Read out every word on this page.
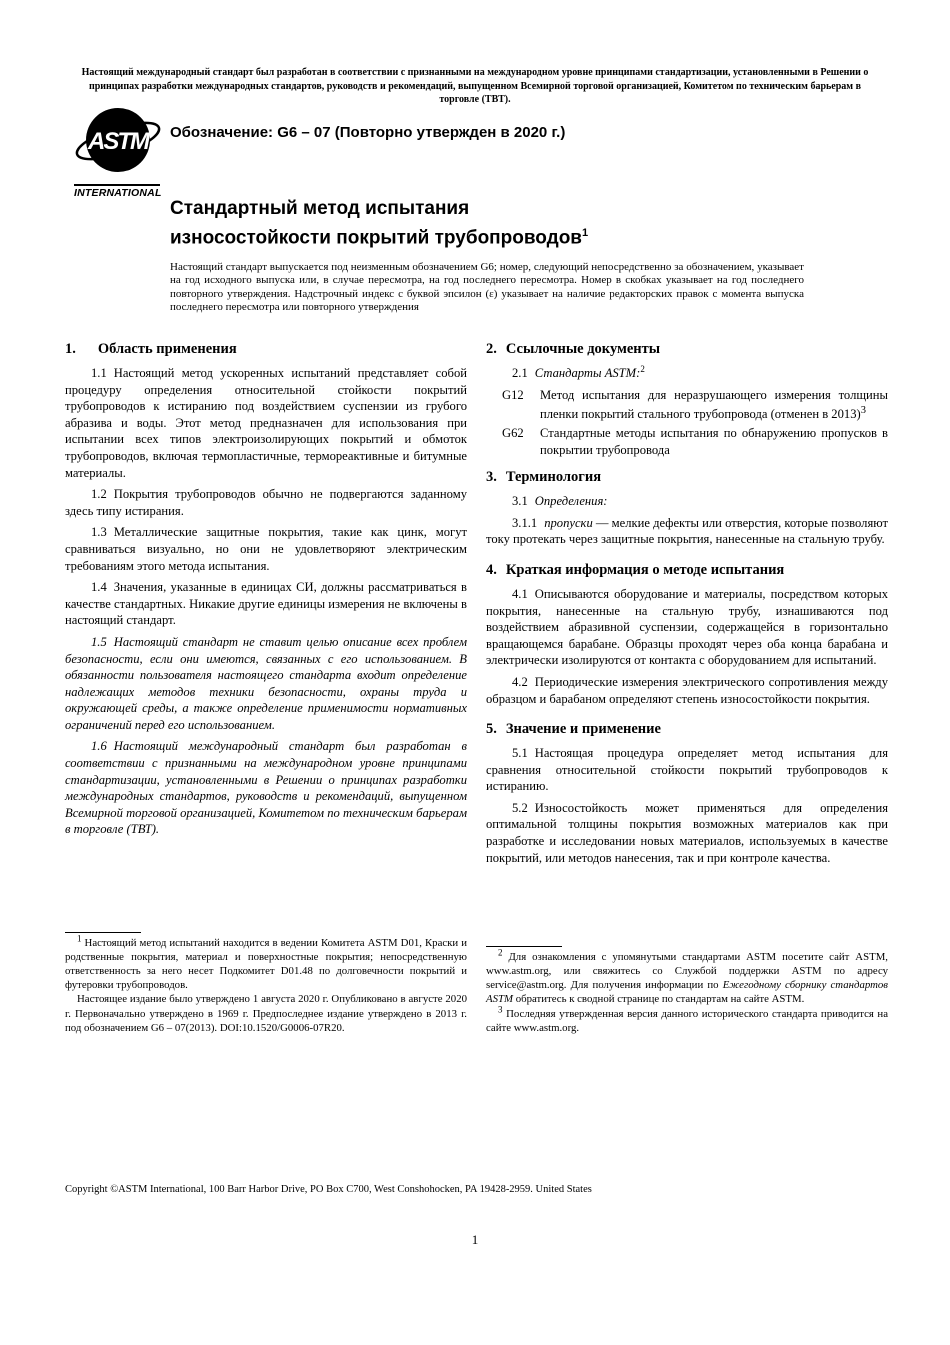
Настоящий международный стандарт был разработан в соответствии с признанными на международном уровне принципами стандартизации, установленными в Решении о принципах разработки международных стандартов, руководств и рекомендаций, выпущенном Всемирной торговой организацией, Комитетом по техническим барьерам в торговле (ТВТ).
ASTM
INTERNATIONAL
Обозначение: G6 – 07 (Повторно утвержден в 2020 г.)
Стандартный метод испытания
износостойкости покрытий трубопроводов$^1$
Настоящий стандарт выпускается под неизменным обозначением G6; номер, следующий непосредственно за обозначением, указывает на год исходного выпуска или, в случае пересмотра, на год последнего пересмотра. Номер в скобках указывает на год последнего повторного утверждения. Надстрочный индекс с буквой эпсилон (ε) указывает на наличие редакторских правок с момента выпуска последнего пересмотра или повторного утверждения
1. Область применения

1.1 Настоящий метод ускоренных испытаний представляет собой процедуру определения относительной стойкости покрытий трубопроводов к истиранию под воздействием суспензии из грубого абразива и воды. Этот метод предназначен для использования при испытании всех типов электроизолирующих покрытий и обмоток трубопроводов, включая термопластичные, термореактивные и битумные материалы.

1.2 Покрытия трубопроводов обычно не подвергаются заданному здесь типу истирания.

1.3 Металлические защитные покрытия, такие как цинк, могут сравниваться визуально, но они не удовлетворяют электрическим требованиям этого метода испытания.

1.4 Значения, указанные в единицах СИ, должны рассматриваться в качестве стандартных. Никакие другие единицы измерения не включены в настоящий стандарт.

1.5 Настоящий стандарт не ставит целью описание всех проблем безопасности, если они имеются, связанных с его использованием. В обязанности пользователя настоящего стандарта входит определение надлежащих методов техники безопасности, охраны труда и окружающей среды, а также определение применимости нормативных ограничений перед его использованием.

1.6 Настоящий международный стандарт был разработан в соответствии с признанными на международном уровне принципами стандартизации, установленными в Решении о принципах разработки международных стандартов, руководств и рекомендаций, выпущенном Всемирной торговой организацией, Комитетом по техническим барьерам в торговле (ТВТ).

$^1$ Настоящий метод испытаний находится в ведении Комитета ASTM D01, Краски и родственные покрытия, материал и поверхностные покрытия; непосредственную ответственность за него несет Подкомитет D01.48 по долговечности покрытий и футеровки трубопроводов.

Настоящее издание было утверждено 1 августа 2020 г. Опубликовано в августе 2020 г. Первоначально утверждено в 1969 г. Предпоследнее издание утверждено в 2013 г. под обозначением G6 – 07(2013). DOI:10.1520/G0006-07R20.

2. Ссылочные документы

2.1 Стандарты ASTM:$^2$

G12	Метод испытания для неразрушающего измерения толщины пленки покрытий стального трубопровода (отменен в 2013)$^3$
G62	Стандартные методы испытания по обнаружению пропусков в покрытии трубопровода
3. Терминология

3.1 Определения:

3.1.1 пропуски — мелкие дефекты или отверстия, которые позволяют току протекать через защитные покрытия, нанесенные на стальную трубу.

4. Краткая информация о методе испытания

4.1 Описываются оборудование и материалы, посредством которых покрытия, нанесенные на стальную трубу, изнашиваются под воздействием абразивной суспензии, содержащейся в горизонтально вращающемся барабане. Образцы проходят через оба конца барабана и электрически изолируются от контакта с оборудованием для испытаний.

4.2 Периодические измерения электрического сопротивления между образцом и барабаном определяют степень износостойкости покрытия.

5. Значение и применение

5.1 Настоящая процедура определяет метод испытания для сравнения относительной стойкости покрытий трубопроводов к истиранию.

5.2 Износостойкость может применяться для определения оптимальной толщины покрытия возможных материалов как при разработке и исследовании новых материалов, используемых в качестве покрытий, или методов нанесения, так и при контроле качества.

$^2$ Для ознакомления с упомянутыми стандартами ASTM посетите сайт ASTM, www.astm.org, или свяжитесь со Службой поддержки ASTM по адресу service@astm.org. Для получения информации по Ежегодному сборнику стандартов ASTM обратитесь к сводной странице по стандартам на сайте ASTM.

$^3$ Последняя утвержденная версия данного исторического стандарта приводится на сайте www.astm.org.

Copyright ©ASTM International, 100 Barr Harbor Drive, PO Box C700, West Conshohocken, PA 19428-2959. United States
1
